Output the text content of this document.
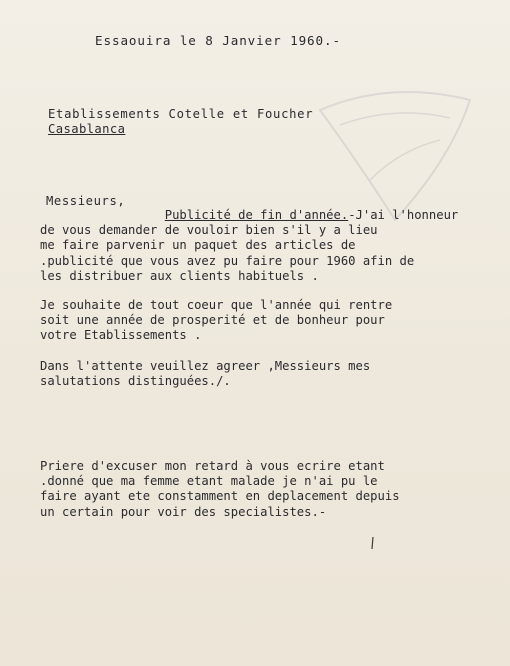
Essaouira le 8 Janvier 1960.-
Etablissements Cotelle et Foucher
Casablanca
Messieurs,
Publicité de fin d'année.-J'ai l'honneur
de vous demander de vouloir bien s'il y a lieu
me faire parvenir un paquet des articles de
.publicité que vous avez pu faire pour 1960 afin de
les distribuer aux clients habituels .
Je souhaite de tout coeur que l'année qui rentre
soit une année de prosperité et de bonheur pour
votre Etablissements .
Dans l'attente veuillez agreer ,Messieurs mes
salutations distinguées./.
Priere d'excuser mon retard à vous ecrire etant
.donné que ma femme etant malade je n'ai pu le
faire ayant ete constamment en deplacement depuis
un certain pour voir des specialistes.-
